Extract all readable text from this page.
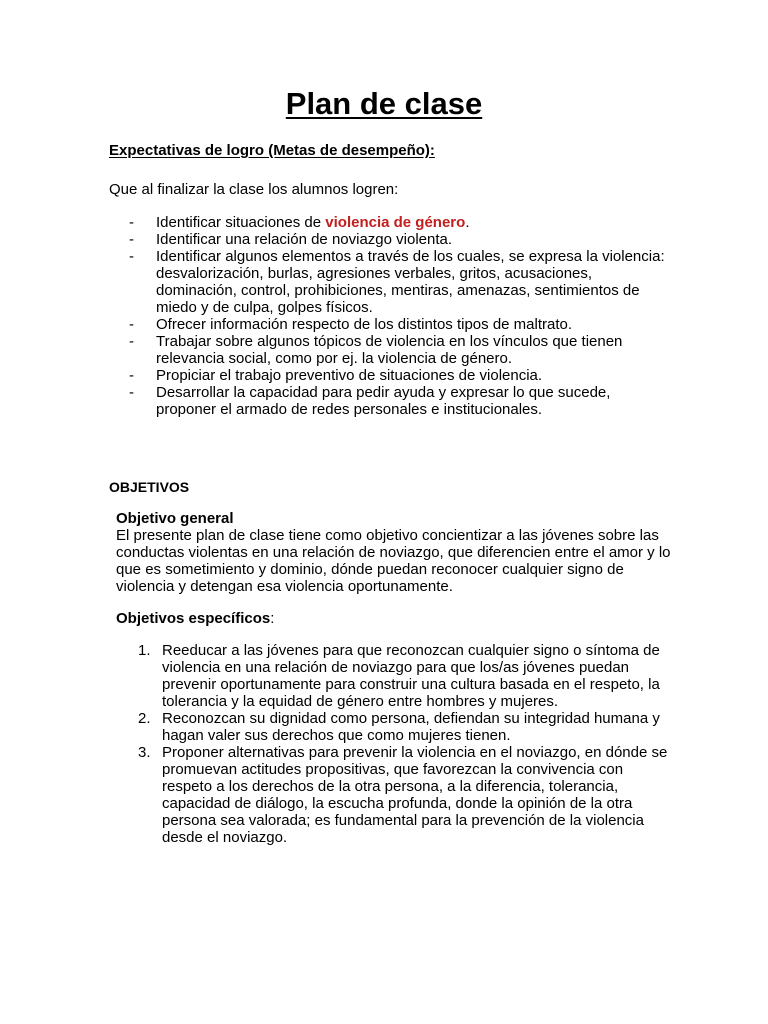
Plan de clase
Expectativas de logro (Metas de desempeño):
Que al finalizar la clase los alumnos logren:
- Identificar situaciones de violencia de género.
- Identificar una relación de noviazgo violenta.
- Identificar algunos elementos a través de los cuales, se expresa la violencia: desvalorización, burlas, agresiones verbales, gritos, acusaciones, dominación, control, prohibiciones, mentiras, amenazas, sentimientos de miedo y de culpa, golpes físicos.
- Ofrecer información respecto de los distintos tipos de maltrato.
- Trabajar sobre algunos tópicos de violencia en los vínculos que tienen relevancia social, como por ej. la violencia de género.
- Propiciar el trabajo preventivo de situaciones de violencia.
- Desarrollar la capacidad para pedir ayuda y expresar lo que sucede, proponer el armado de redes personales e institucionales.
OBJETIVOS
Objetivo general
El presente plan de clase tiene como objetivo concientizar a las jóvenes sobre las conductas violentas en una relación de noviazgo, que diferencien entre el amor y lo que es sometimiento y dominio, dónde puedan reconocer cualquier signo de violencia y detengan esa violencia oportunamente.
Objetivos específicos:
1. Reeducar a las jóvenes para que reconozcan cualquier signo o síntoma de violencia en una relación de noviazgo para que los/as jóvenes puedan prevenir oportunamente para construir una cultura basada en el respeto, la tolerancia y la equidad de género entre hombres y mujeres.
2. Reconozcan su dignidad como persona, defiendan su integridad humana y hagan valer sus derechos que como mujeres tienen.
3. Proponer alternativas para prevenir la violencia en el noviazgo, en dónde se promuevan actitudes propositivas, que favorezcan la convivencia con respeto a los derechos de la otra persona, a la diferencia, tolerancia, capacidad de diálogo, la escucha profunda, donde la opinión de la otra persona sea valorada; es fundamental para la prevención de la violencia desde el noviazgo.
